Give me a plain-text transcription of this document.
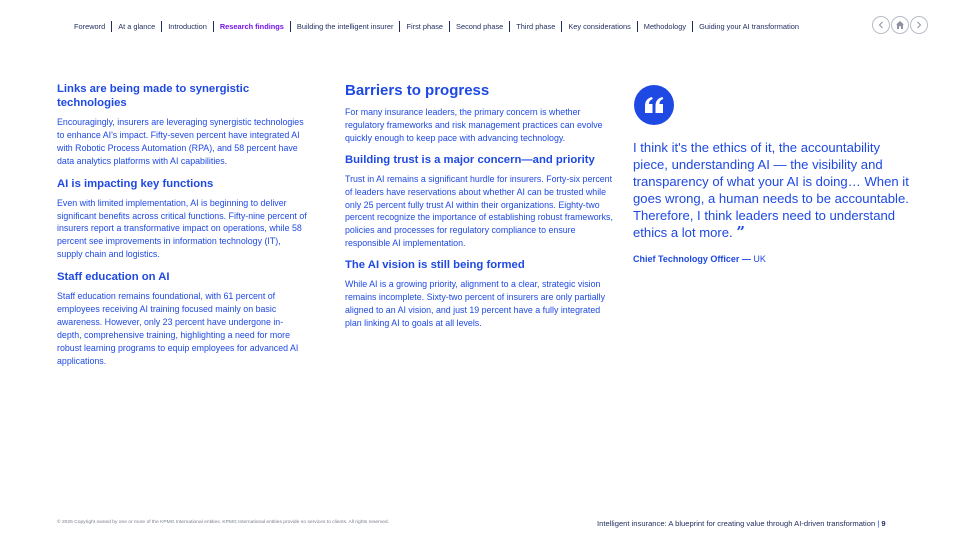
Foreword	At a glance	Introduction	Research findings	Building the intelligent insurer	First phase	Second phase	Third phase	Key considerations	Methodology	Guiding your AI transformation
Links are being made to synergistic technologies

Encouragingly, insurers are leveraging synergistic technologies to enhance AI's impact. Fifty-seven percent have integrated AI with Robotic Process Automation (RPA), and 58 percent have data analytics platforms with AI capabilities.

AI is impacting key functions

Even with limited implementation, AI is beginning to deliver significant benefits across critical functions. Fifty-nine percent of insurers report a transformative impact on operations, while 58 percent see improvements in information technology (IT), supply chain and logistics.

Staff education on AI

Staff education remains foundational, with 61 percent of employees receiving AI training focused mainly on basic awareness. However, only 23 percent have undergone in-depth, comprehensive training, highlighting a need for more robust learning programs to equip employees for advanced AI applications.

Barriers to progress

For many insurance leaders, the primary concern is whether regulatory frameworks and risk management practices can evolve quickly enough to keep pace with advancing technology.

Building trust is a major concern—and priority

Trust in AI remains a significant hurdle for insurers. Forty-six percent of leaders have reservations about whether AI can be trusted while only 25 percent fully trust AI within their organizations. Eighty-two percent recognize the importance of establishing robust frameworks, policies and processes for regulatory compliance to ensure responsible AI implementation.

The AI vision is still being formed

While AI is a growing priority, alignment to a clear, strategic vision remains incomplete. Sixty-two percent of insurers are only partially aligned to an AI vision, and just 19 percent have a fully integrated plan linking AI to goals at all levels.

I think it's the ethics of it, the accountability piece, understanding AI — the visibility and transparency of what your AI is doing… When it goes wrong, a human needs to be accountable. Therefore, I think leaders need to understand ethics a lot more. ”

Chief Technology Officer — UK
© 2025 Copyright owned by one or more of the KPMG International entities. KPMG International entities provide no services to clients. All rights reserved.	Intelligent insurance: A blueprint for creating value through AI-driven transformation | 9
